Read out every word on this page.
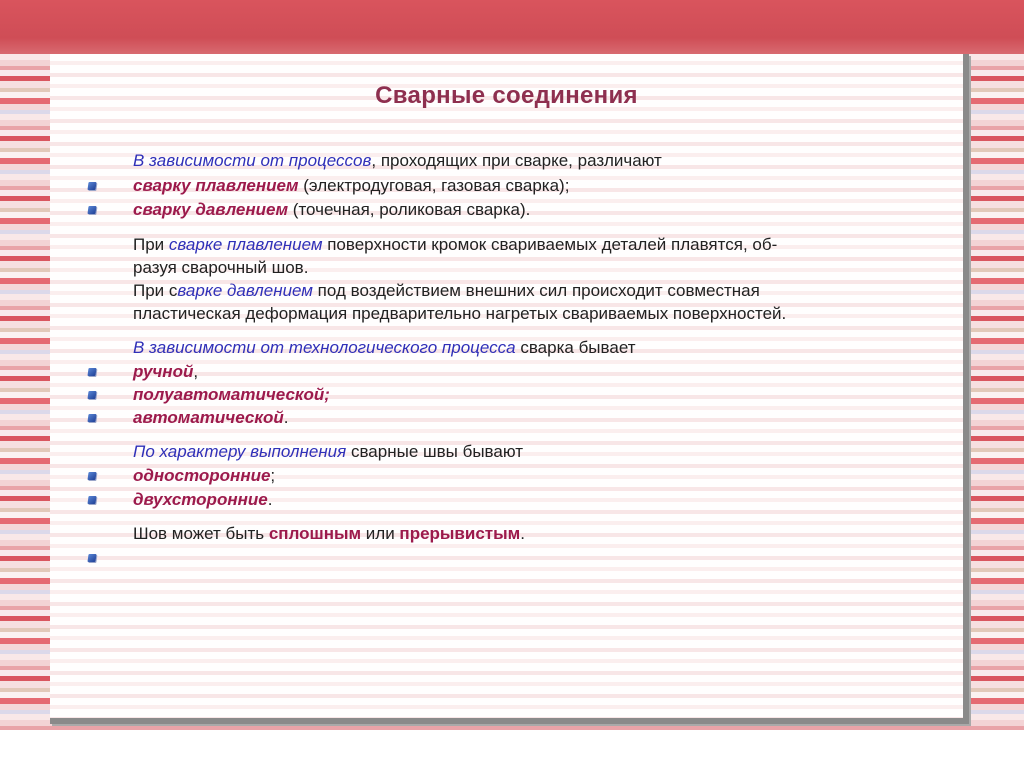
Сварные соединения
В зависимости от процессов, проходящих при сварке, различают
сварку плавлением (электродуговая, газовая сварка);
сварку давлением (точечная, роликовая сварка).
При сварке плавлением поверхности кромок свариваемых деталей плавятся, об-
разуя сварочный шов.
При сварке давлением под воздействием внешних сил происходит совместная
пластическая деформация предварительно нагретых свариваемых поверхностей.
В зависимости от технологического процесса сварка бывает
ручной,
полуавтоматической;
автоматической.
По характеру выполнения сварные швы бывают
односторонние;
двухсторонние.
Шов может быть сплошным или прерывистым.
